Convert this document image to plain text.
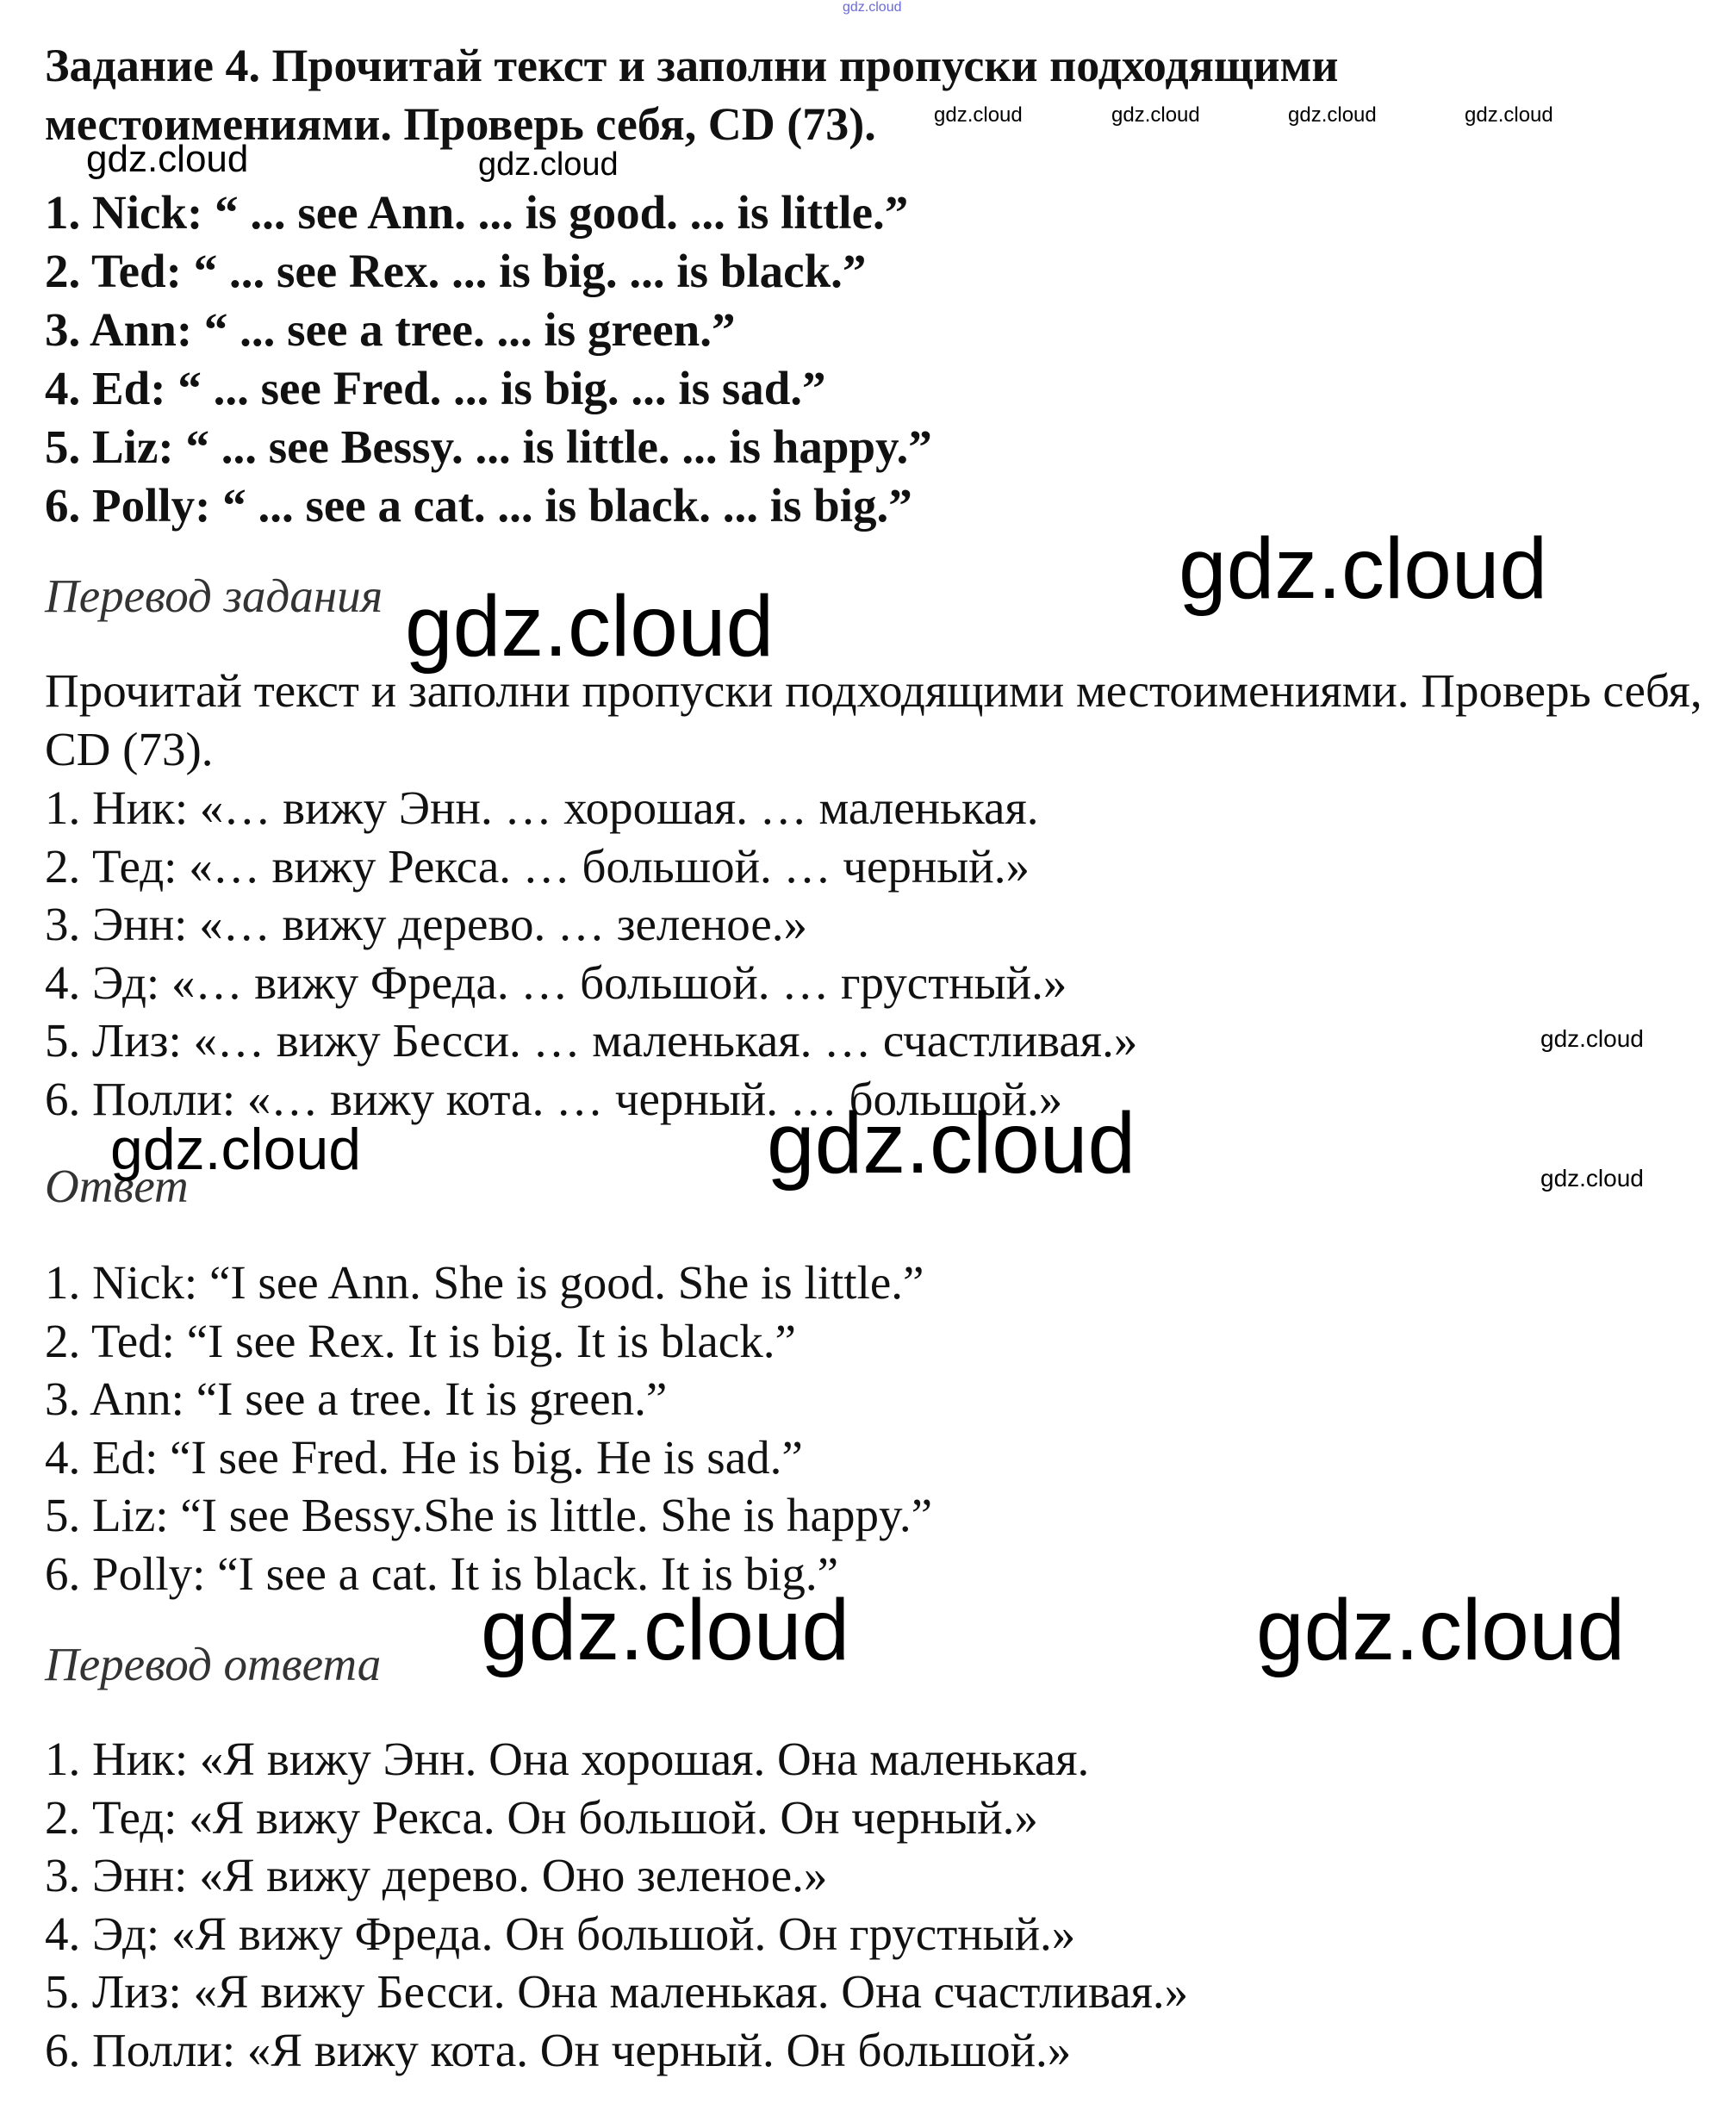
gdz.cloud

Задание 4. Прочитай текст и заполни пропуски подходящими местоимениями. Проверь себя, CD (73).

1. Nick: “ ... see Ann. ... is good. ... is little.”
2. Ted: “ ... see Rex. ... is big. ... is black.”
3. Ann: “ ... see a tree. ... is green.”
4. Ed: “ ... see Fred. ... is big. ... is sad.”
5. Liz: “ ... see Bessy. ... is little. ... is happy.”
6. Polly: “ ... see a cat. ... is black. ... is big.”

Перевод задания

Прочитай текст и заполни пропуски подходящими местоимениями. Проверь себя, CD (73).
1. Ник: «… вижу Энн. … хорошая. … маленькая.
2. Тед: «… вижу Рекса. … большой. … черный.»
3. Энн: «… вижу дерево. … зеленое.»
4. Эд: «… вижу Фреда. … большой. … грустный.»
5. Лиз: «… вижу Бесси. … маленькая. … счастливая.»
6. Полли: «… вижу кота. … черный. … большой.»

Ответ

1. Nick: “I see Ann. She is good. She is little.”
2. Ted: “I see Rex. It is big. It is black.”
3. Ann: “I see a tree. It is green.”
4. Ed: “I see Fred. He is big. He is sad.”
5. Liz: “I see Bessy.She is little. She is happy.”
6. Polly: “I see a cat. It is black. It is big.”

Перевод ответа

1. Ник: «Я вижу Энн. Она хорошая. Она маленькая.
2. Тед: «Я вижу Рекса. Он большой. Он черный.»
3. Энн: «Я вижу дерево. Оно зеленое.»
4. Эд: «Я вижу Фреда. Он большой. Он грустный.»
5. Лиз: «Я вижу Бесси. Она маленькая. Она счастливая.»
6. Полли: «Я вижу кота. Он черный. Он большой.»
gdz.cloud	gdz.cloud	gdz.cloud	gdz.cloud
gdz.cloud	gdz.cloud
gdz.cloud
gdz.cloud
gdz.cloud
gdz.cloud	gdz.cloud	gdz.cloud
gdz.cloud	gdz.cloud
